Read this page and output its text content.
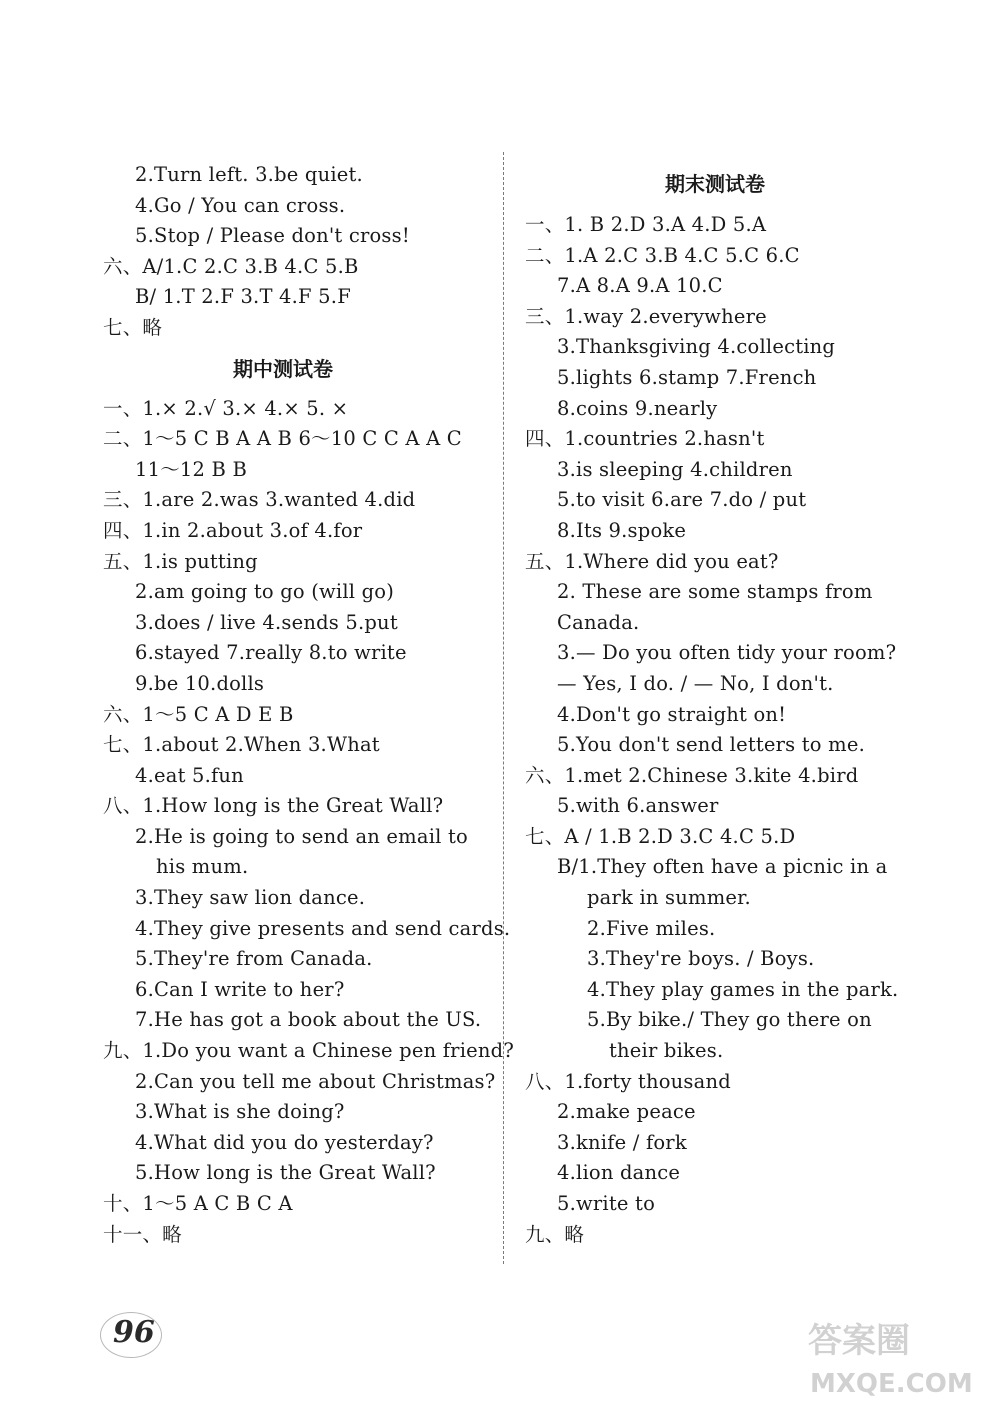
2.Turn left. 3.be quiet.
4.Go / You can cross.
5.Stop / Please don't cross!
六、A/1.C 2.C 3.B 4.C 5.B
B/ 1.T 2.F 3.T 4.F 5.F
七、略
期中测试卷
一、1.× 2.√ 3.× 4.× 5. ×
二、1～5 C B A A B 6～10 C C A A C
11～12 B B
三、1.are 2.was 3.wanted 4.did
四、1.in 2.about 3.of 4.for
五、1.is putting
2.am going to go (will go)
3.does / live 4.sends 5.put
6.stayed 7.really 8.to write
9.be 10.dolls
六、1～5 C A D E B
七、1.about 2.When 3.What
4.eat 5.fun
八、1.How long is the Great Wall?
2.He is going to send an email to
his mum.
3.They saw lion dance.
4.They give presents and send cards.
5.They're from Canada.
6.Can I write to her?
7.He has got a book about the US.
九、1.Do you want a Chinese pen friend?
2.Can you tell me about Christmas?
3.What is she doing?
4.What did you do yesterday?
5.How long is the Great Wall?
十、1～5 A C B C A
十一、略
期末测试卷
一、1. B 2.D 3.A 4.D 5.A
二、1.A 2.C 3.B 4.C 5.C 6.C
7.A 8.A 9.A 10.C
三、1.way 2.everywhere
3.Thanksgiving 4.collecting
5.lights 6.stamp 7.French
8.coins 9.nearly
四、1.countries 2.hasn't
3.is sleeping 4.children
5.to visit 6.are 7.do / put
8.Its 9.spoke
五、1.Where did you eat?
2. These are some stamps from
Canada.
3.— Do you often tidy your room?
— Yes, I do. / — No, I don't.
4.Don't go straight on!
5.You don't send letters to me.
六、1.met 2.Chinese 3.kite 4.bird
5.with 6.answer
七、A / 1.B 2.D 3.C 4.C 5.D
B/1.They often have a picnic in a
park in summer.
2.Five miles.
3.They're boys. / Boys.
4.They play games in the park.
5.By bike./ They go there on
their bikes.
八、1.forty thousand
2.make peace
3.knife / fork
4.lion dance
5.write to
九、略
96	答案圈
MXQE.COM
